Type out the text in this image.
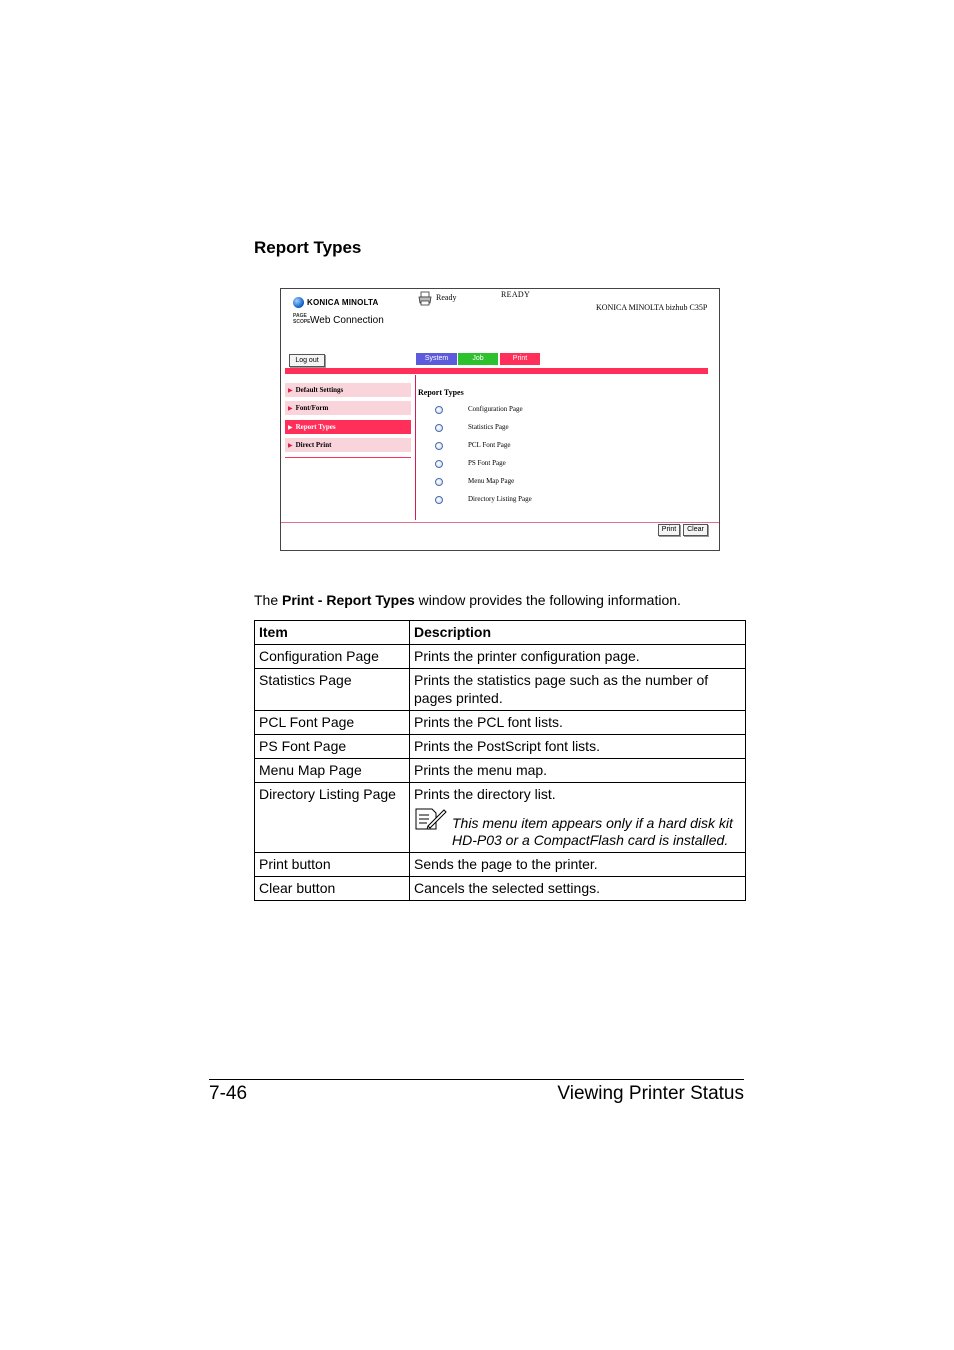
Report Types
KONICA MINOLTA
PAGE
SCOPE Web Connection
Ready	READY
KONICA MINOLTA bizhub C35P
Log out	System	Job	Print
▶ Default Settings
▶ Font/Form
▶ Report Types
▶ Direct Print
Report Types
Configuration Page
Statistics Page
PCL Font Page
PS Font Page
Menu Map Page
Directory Listing Page
Print	Clear
The Print - Report Types window provides the following information.
Item	Description
Configuration Page	Prints the printer configuration page.
Statistics Page	Prints the statistics page such as the number of pages printed.
PCL Font Page	Prints the PCL font lists.
PS Font Page	Prints the PostScript font lists.
Menu Map Page	Prints the menu map.
Directory Listing Page	Prints the directory list.
This menu item appears only if a hard disk kit HD-P03 or a CompactFlash card is installed.

Print button	Sends the page to the printer.
Clear button	Cancels the selected settings.
7-46	Viewing Printer Status
